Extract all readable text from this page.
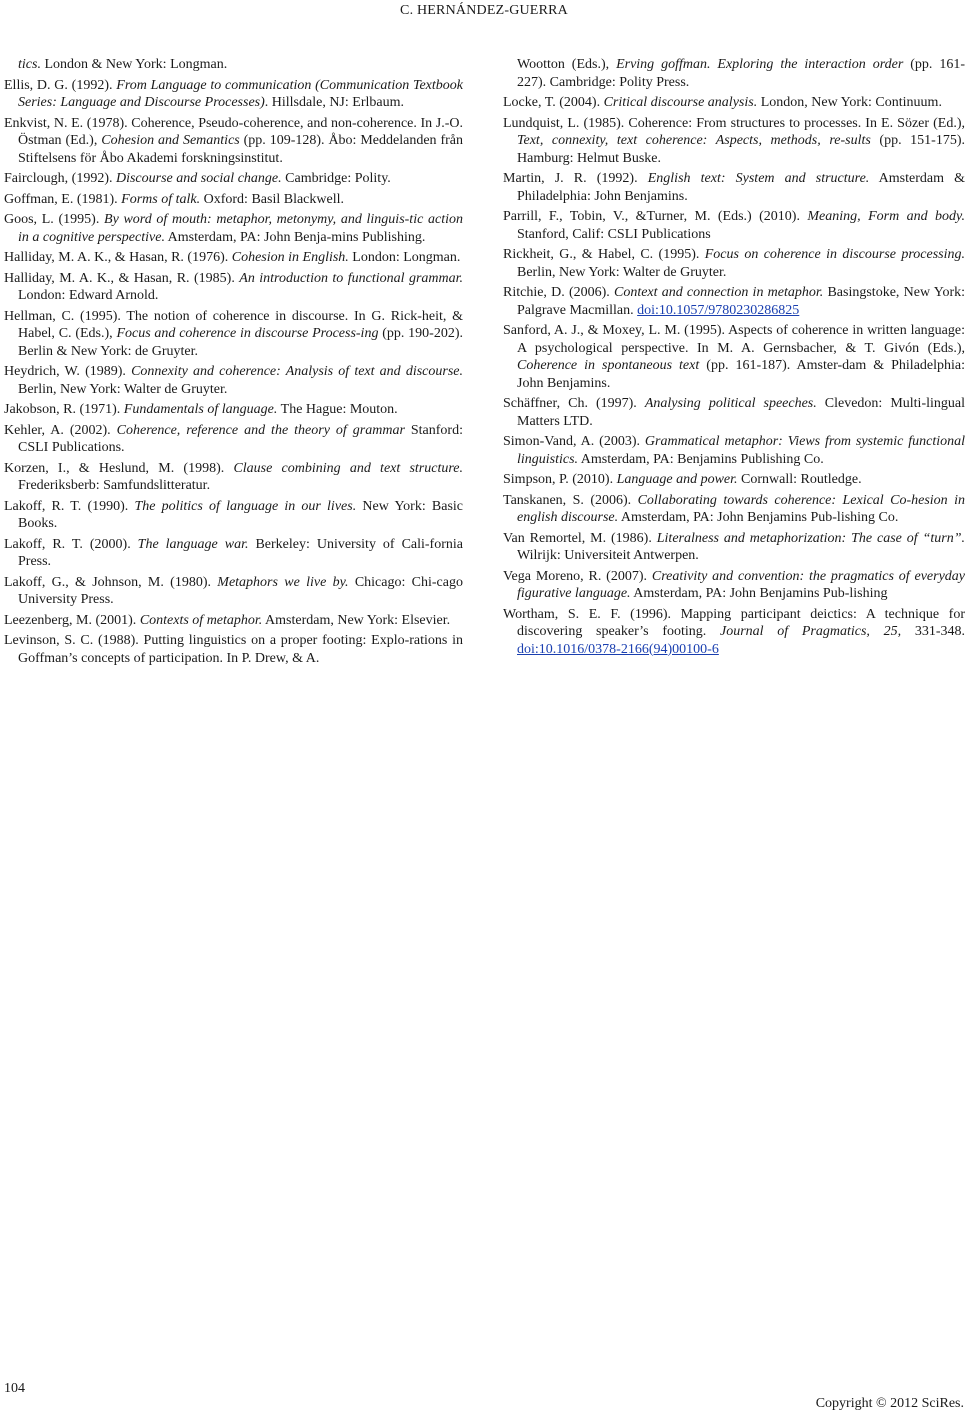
C. HERNÁNDEZ-GUERRA

tics. London & New York: Longman.

Ellis, D. G. (1992). From Language to communication (Communication Textbook Series: Language and Discourse Processes). Hillsdale, NJ: Erlbaum.

Enkvist, N. E. (1978). Coherence, Pseudo-coherence, and non-coherence. In J.-O. Östman (Ed.), Cohesion and Semantics (pp. 109-128). Åbo: Meddelanden från Stiftelsens för Åbo Akademi forskningsinstitut.

Fairclough, (1992). Discourse and social change. Cambridge: Polity.

Goffman, E. (1981). Forms of talk. Oxford: Basil Blackwell.

Goos, L. (1995). By word of mouth: metaphor, metonymy, and linguis-tic action in a cognitive perspective. Amsterdam, PA: John Benja-mins Publishing.

Halliday, M. A. K., & Hasan, R. (1976). Cohesion in English. London: Longman.

Halliday, M. A. K., & Hasan, R. (1985). An introduction to functional grammar. London: Edward Arnold.

Hellman, C. (1995). The notion of coherence in discourse. In G. Rick-heit, & Habel, C. (Eds.), Focus and coherence in discourse Process-ing (pp. 190-202). Berlin & New York: de Gruyter.

Heydrich, W. (1989). Connexity and coherence: Analysis of text and discourse. Berlin, New York: Walter de Gruyter.

Jakobson, R. (1971). Fundamentals of language. The Hague: Mouton.

Kehler, A. (2002). Coherence, reference and the theory of grammar Stanford: CSLI Publications.

Korzen, I., & Heslund, M. (1998). Clause combining and text structure. Frederiksberb: Samfundslitteratur.

Lakoff, R. T. (1990). The politics of language in our lives. New York: Basic Books.

Lakoff, R. T. (2000). The language war. Berkeley: University of Cali-fornia Press.

Lakoff, G., & Johnson, M. (1980). Metaphors we live by. Chicago: Chi-cago University Press.

Leezenberg, M. (2001). Contexts of metaphor. Amsterdam, New York: Elsevier.

Levinson, S. C. (1988). Putting linguistics on a proper footing: Explo-rations in Goffman’s concepts of participation. In P. Drew, & A.

Wootton (Eds.), Erving goffman. Exploring the interaction order (pp. 161- 227). Cambridge: Polity Press.

Locke, T. (2004). Critical discourse analysis. London, New York: Continuum.

Lundquist, L. (1985). Coherence: From structures to processes. In E. Sözer (Ed.), Text, connexity, text coherence: Aspects, methods, re-sults (pp. 151-175). Hamburg: Helmut Buske.

Martin, J. R. (1992). English text: System and structure. Amsterdam & Philadelphia: John Benjamins.

Parrill, F., Tobin, V., &Turner, M. (Eds.) (2010). Meaning, Form and body. Stanford, Calif: CSLI Publications

Rickheit, G., & Habel, C. (1995). Focus on coherence in discourse processing. Berlin, New York: Walter de Gruyter.

Ritchie, D. (2006). Context and connection in metaphor. Basingstoke, New York: Palgrave Macmillan. doi:10.1057/9780230286825

Sanford, A. J., & Moxey, L. M. (1995). Aspects of coherence in written language: A psychological perspective. In M. A. Gernsbacher, & T. Givón (Eds.), Coherence in spontaneous text (pp. 161-187). Amster-dam & Philadelphia: John Benjamins.

Schäffner, Ch. (1997). Analysing political speeches. Clevedon: Multi-lingual Matters LTD.

Simon-Vand, A. (2003). Grammatical metaphor: Views from systemic functional linguistics. Amsterdam, PA: Benjamins Publishing Co.

Simpson, P. (2010). Language and power. Cornwall: Routledge.

Tanskanen, S. (2006). Collaborating towards coherence: Lexical Co-hesion in english discourse. Amsterdam, PA: John Benjamins Pub-lishing Co.

Van Remortel, M. (1986). Literalness and metaphorization: The case of “turn”. Wilrijk: Universiteit Antwerpen.

Vega Moreno, R. (2007). Creativity and convention: the pragmatics of everyday figurative language. Amsterdam, PA: John Benjamins Pub-lishing

Wortham, S. E. F. (1996). Mapping participant deictics: A technique for discovering speaker’s footing. Journal of Pragmatics, 25, 331-348. doi:10.1016/0378-2166(94)00100-6

104
Copyright © 2012 SciRes.
